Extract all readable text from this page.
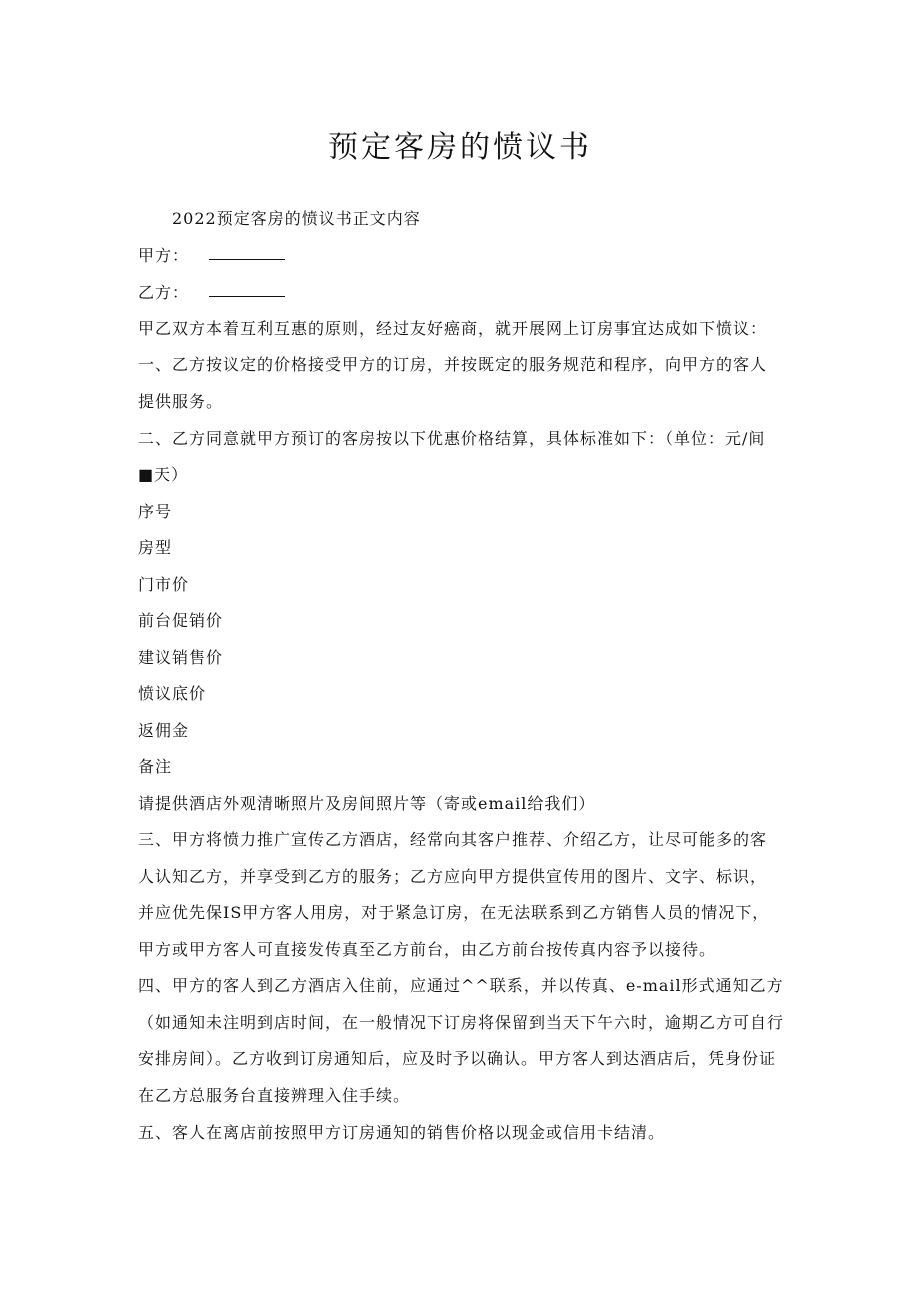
预定客房的愤议书

2022预定客房的愤议书正文内容

甲方：

乙方：

甲乙双方本着互利互惠的原则，经过友好癌商，就开展网上订房事宜达成如下愤议：

一、乙方按议定的价格接受甲方的订房，并按既定的服务规范和程序，向甲方的客人

提供服务。

二、乙方同意就甲方预订的客房按以下优惠价格结算，具体标准如下：（单位：元/间

■天）

序号

房型

门市价

前台促销价

建议销售价

愤议底价

返佣金

备注

请提供酒店外观清晰照片及房间照片等（寄或email给我们）

三、甲方将愤力推广宣传乙方酒店，经常向其客户推荐、介绍乙方，让尽可能多的客

人认知乙方，并享受到乙方的服务；乙方应向甲方提供宣传用的图片、文字、标识，

并应优先保IS甲方客人用房，对于紧急订房，在无法联系到乙方销售人员的情况下，

甲方或甲方客人可直接发传真至乙方前台，由乙方前台按传真内容予以接待。

四、甲方的客人到乙方酒店入住前，应通过^^联系，并以传真、e-mail形式通知乙方

（如通知未注明到店时间，在一般情况下订房将保留到当天下午六时，逾期乙方可自行

安排房间）。乙方收到订房通知后，应及时予以确认。甲方客人到达酒店后，凭身份证

在乙方总服务台直接辨理入住手续。

五、客人在离店前按照甲方订房通知的销售价格以现金或信用卡结清。
